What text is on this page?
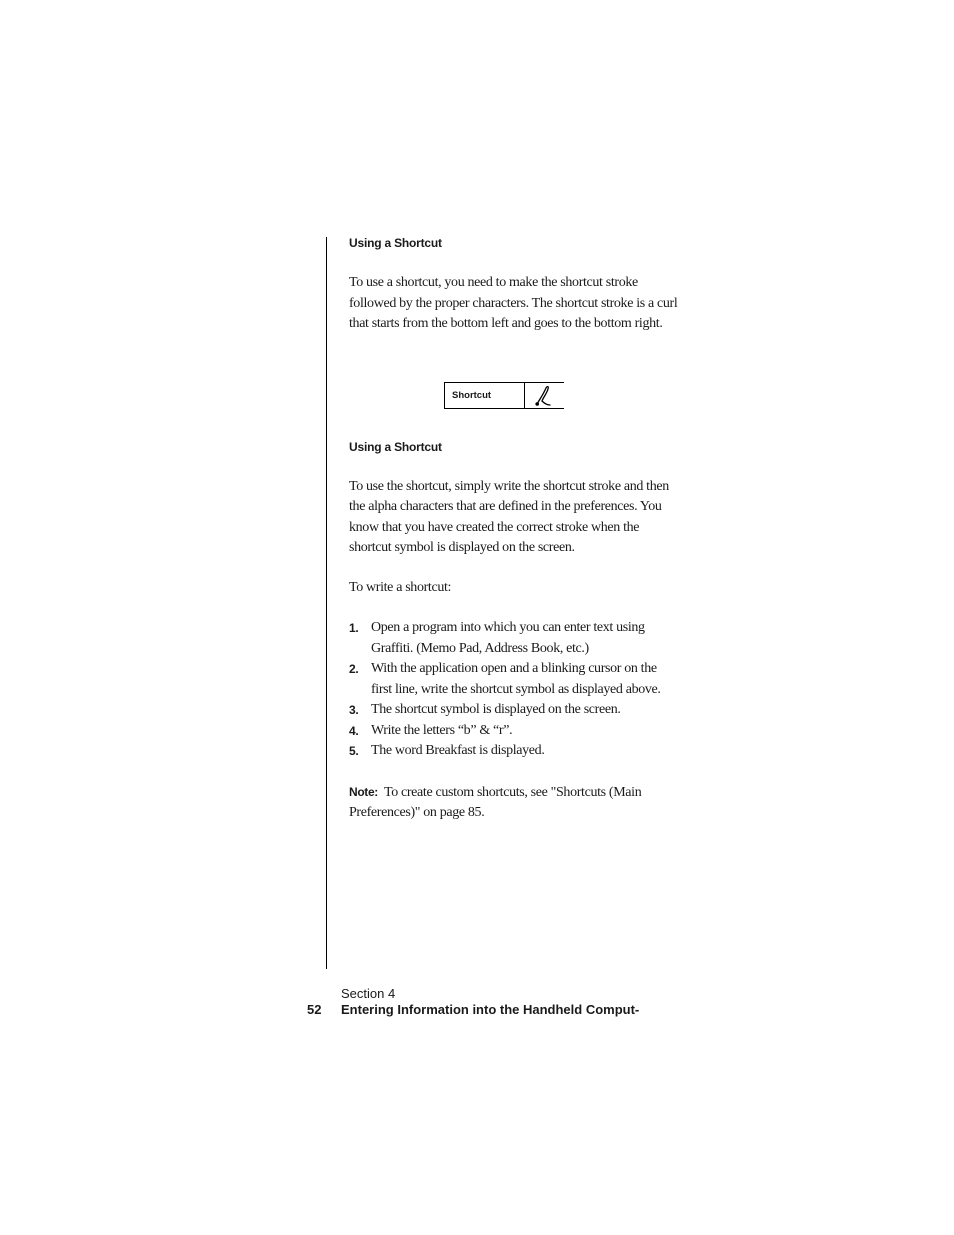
Using a Shortcut

To use a shortcut, you need to make the shortcut stroke
followed by the proper characters. The shortcut stroke is a curl
that starts from the bottom left and goes to the bottom right.

Using a Shortcut

To use the shortcut, simply write the shortcut stroke and then
the alpha characters that are defined in the preferences. You
know that you have created the correct stroke when the
shortcut symbol is displayed on the screen.

To write a shortcut:

1. Open a program into which you can enter text using
Graffiti. (Memo Pad, Address Book, etc.)
2. With the application open and a blinking cursor on the
first line, write the shortcut symbol as displayed above.
3. The shortcut symbol is displayed on the screen.
4. Write the letters “b” & “r”.
5. The word Breakfast is displayed.

Note: To create custom shortcuts, see "Shortcuts (Main
Preferences)" on page 85.

Shortcut
Section 4
52 Entering Information into the Handheld Comput-
